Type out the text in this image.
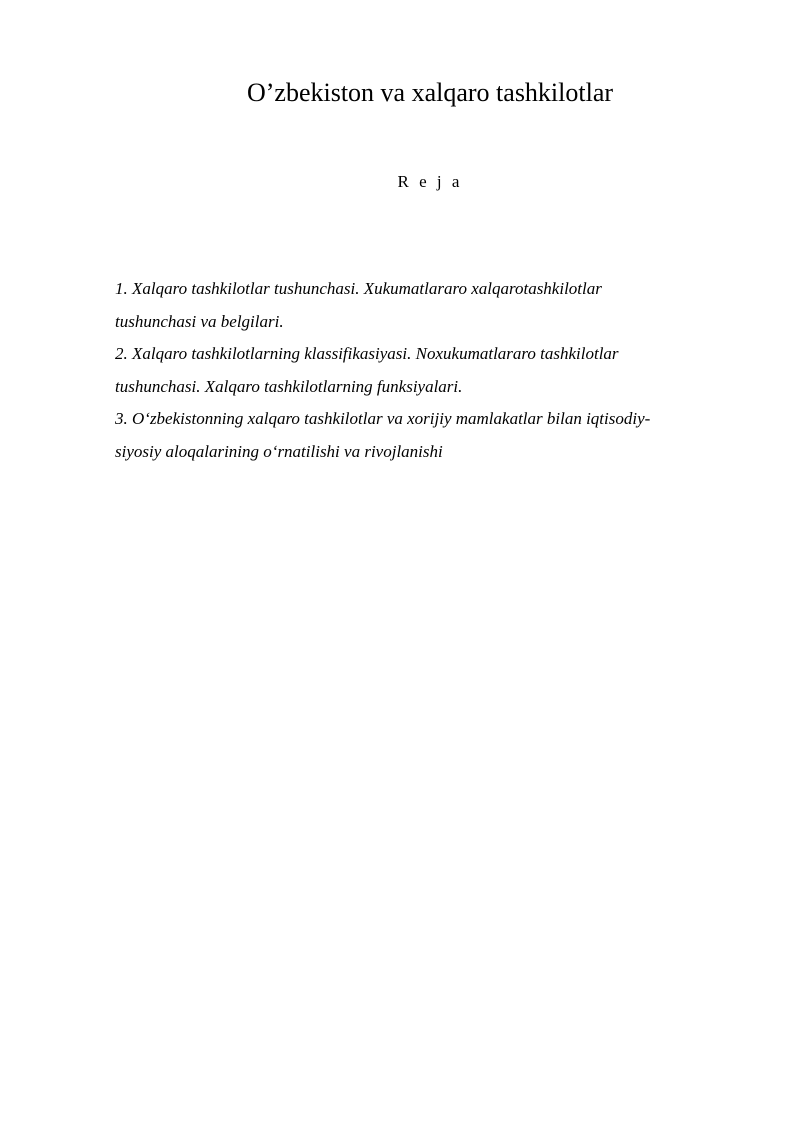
O’zbekiston va xalqaro tashkilotlar
R e j a
1. Xalqaro tashkilotlar tushunchasi. Xukumatlararo xalqarotashkilotlar
tushunchasi va belgilari.
2. Xalqaro tashkilotlarning klassifikasiyasi. Noxukumatlararo tashkilotlar
tushunchasi. Xalqaro tashkilotlarning funksiyalari.
3. O‘zbekistonning xalqaro tashkilotlar va xorijiy mamlakatlar bilan iqtisodiy-
siyosiy aloqalarining o‘rnatilishi va rivojlanishi
